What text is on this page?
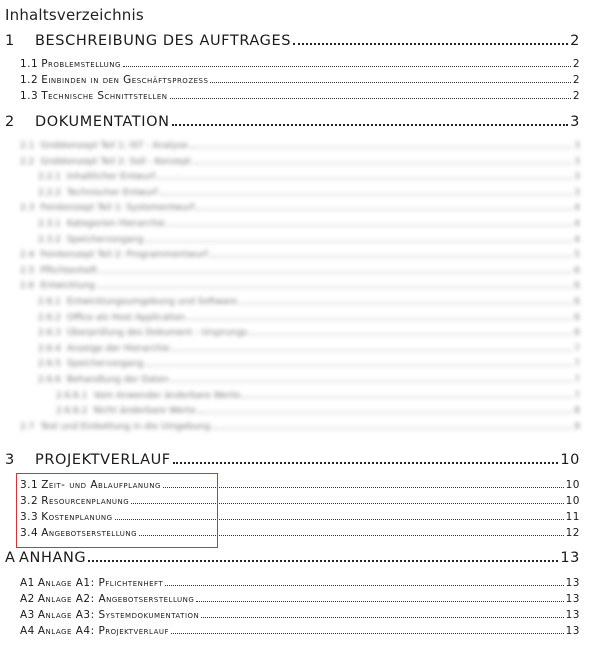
Inhaltsverzeichnis
1	BESCHREIBUNG DES AUFTRAGES	2
1.1 Problemstellung	2
1.2 Einbinden in den Geschäftsprozess	2
1.3 Technische Schnittstellen	2
2	DOKUMENTATION	3
2.1 Grobkonzept Teil 1: IST - Analyse	3
2.2 Grobkonzept Teil 2: Soll - Konzept	3
2.2.1 Inhaltlicher Entwurf	3
2.2.2 Technischer Entwurf	3
2.3 Feinkonzept Teil 1: Systementwurf	4
2.3.1 Kategorien Hierarchie	4
2.3.2 Speichervorgang	4
2.4 Feinkonzept Teil 2: Programmentwurf	5
2.5 Pflichtenheft	6
2.6 Entwicklung	6
2.6.1 Entwicklungsumgebung und Software	6
2.6.2 Office als Host Application	6
2.6.3 Überprüfung des Dokument - Ursprungs	6
2.6.4 Anzeige der Hierarchie	7
2.6.5 Speichervorgang	7
2.6.6 Behandlung der Daten	7
2.6.6.1 Vom Anwender änderbare Werte	7
2.6.6.2 Nicht änderbare Werte	8
2.7 Test und Einbettung in die Umgebung	9
3	PROJEKTVERLAUF	10
3.1 Zeit- und Ablaufplanung	10
3.2 Resourcenplanung	10
3.3 Kostenplanung	11
3.4 Angebotserstellung	12
A ANHANG	13
A1 Anlage A1: Pflichtenheft	13
A2 Anlage A2: Angebotserstellung	13
A3 Anlage A3: Systemdokumentation	13
A4 Anlage A4: Projektverlauf	13
